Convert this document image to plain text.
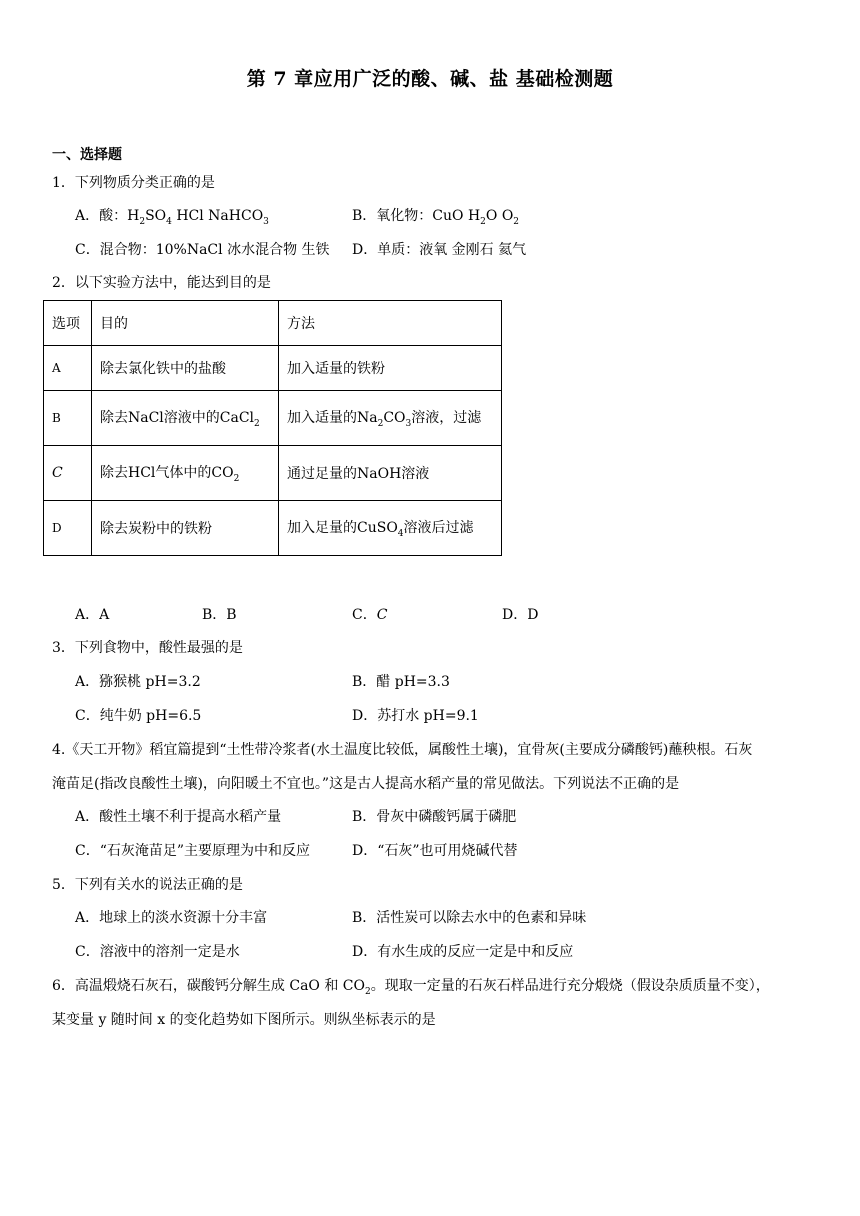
第 7 章应用广泛的酸、碱、盐 基础检测题
一、选择题
1．下列物质分类正确的是
A．酸：$H_2SO_4$ HCl NaHCO$_3$	B．氧化物：CuO $H_2O$ $O_2$
C．混合物：10%NaCl 冰水混合物 生铁 D．单质：液氧 金刚石 氦气
2．以下实验方法中，能达到目的是
选项	目的	方法
A	除去氯化铁中的盐酸	加入适量的铁粉
B	除去NaCl溶液中的CaCl$_2$	加入适量的$Na_2CO_3$溶液，过滤
C	除去HCl气体中的$CO_2$	通过足量的NaOH溶液
D	除去炭粉中的铁粉	加入足量的CuSO$_4$溶液后过滤
A．A	B．B	C．C	D．D
3．下列食物中，酸性最强的是
A．猕猴桃 pH=3.2	B．醋 pH=3.3
C．纯牛奶 pH=6.5	D．苏打水 pH=9.1
4.《天工开物》稻宜篇提到“土性带冷浆者(水土温度比较低，属酸性土壤)，宜骨灰(主要成分磷酸钙)蘸秧根。石灰
淹苗足(指改良酸性土壤)，向阳暖土不宜也。”这是古人提高水稻产量的常见做法。下列说法不正确的是
A．酸性土壤不利于提高水稻产量	B．骨灰中磷酸钙属于磷肥
C．“石灰淹苗足”主要原理为中和反应	D．“石灰”也可用烧碱代替
5．下列有关水的说法正确的是
A．地球上的淡水资源十分丰富	B．活性炭可以除去水中的色素和异味
C．溶液中的溶剂一定是水	D．有水生成的反应一定是中和反应
6．高温煅烧石灰石，碳酸钙分解生成 CaO 和 $CO_2$。现取一定量的石灰石样品进行充分煅烧（假设杂质质量不变），
某变量 y 随时间 x 的变化趋势如下图所示。则纵坐标表示的是
